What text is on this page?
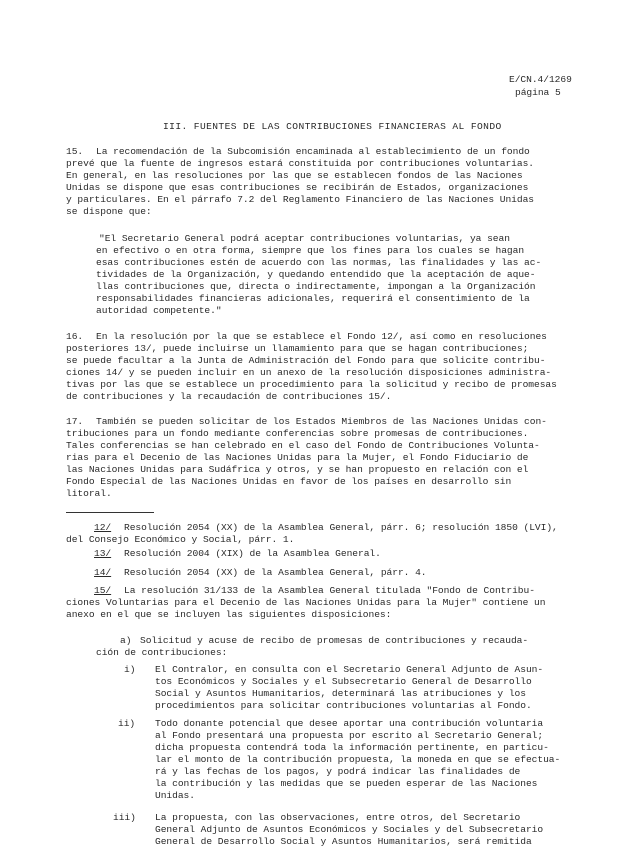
E/CN.4/1269
página 5
III. FUENTES DE LAS CONTRIBUCIONES FINANCIERAS AL FONDO
15. La recomendación de la Subcomisión encaminada al establecimiento de un fondo
prevé que la fuente de ingresos estará constituida por contribuciones voluntarias.
En general, en las resoluciones por las que se establecen fondos de las Naciones
Unidas se dispone que esas contribuciones se recibirán de Estados, organizaciones
y particulares. En el párrafo 7.2 del Reglamento Financiero de las Naciones Unidas
se dispone que:
"El Secretario General podrá aceptar contribuciones voluntarias, ya sean
en efectivo o en otra forma, siempre que los fines para los cuales se hagan
esas contribuciones estén de acuerdo con las normas, las finalidades y las ac-
tividades de la Organización, y quedando entendido que la aceptación de aque-
llas contribuciones que, directa o indirectamente, impongan a la Organización
responsabilidades financieras adicionales, requerirá el consentimiento de la
autoridad competente."
16. En la resolución por la que se establece el Fondo 12/, así como en resoluciones
posteriores 13/, puede incluirse un llamamiento para que se hagan contribuciones;
se puede facultar a la Junta de Administración del Fondo para que solicite contribu-
ciones 14/ y se pueden incluir en un anexo de la resolución disposiciones administra-
tivas por las que se establece un procedimiento para la solicitud y recibo de promesas
de contribuciones y la recaudación de contribuciones 15/.
17. También se pueden solicitar de los Estados Miembros de las Naciones Unidas con-
tribuciones para un fondo mediante conferencias sobre promesas de contribuciones.
Tales conferencias se han celebrado en el caso del Fondo de Contribuciones Volunta-
rias para el Decenio de las Naciones Unidas para la Mujer, el Fondo Fiduciario de
las Naciones Unidas para Sudáfrica y otros, y se han propuesto en relación con el
Fondo Especial de las Naciones Unidas en favor de los países en desarrollo sin
litoral.
12/ Resolución 2054 (XX) de la Asamblea General, párr. 6; resolución 1850 (LVI),
del Consejo Económico y Social, párr. 1.
13/ Resolución 2004 (XIX) de la Asamblea General.
14/ Resolución 2054 (XX) de la Asamblea General, párr. 4.
15/ La resolución 31/133 de la Asamblea General titulada "Fondo de Contribu-
ciones Voluntarias para el Decenio de las Naciones Unidas para la Mujer" contiene un
anexo en el que se incluyen las siguientes disposiciones:
a) Solicitud y acuse de recibo de promesas de contribuciones y recauda-
ción de contribuciones:
i) El Contralor, en consulta con el Secretario General Adjunto de Asun-
tos Económicos y Sociales y el Subsecretario General de Desarrollo
Social y Asuntos Humanitarios, determinará las atribuciones y los
procedimientos para solicitar contribuciones voluntarias al Fondo.
ii) Todo donante potencial que desee aportar una contribución voluntaria
al Fondo presentará una propuesta por escrito al Secretario General;
dicha propuesta contendrá toda la información pertinente, en particu-
lar el monto de la contribución propuesta, la moneda en que se efectua-
rá y las fechas de los pagos, y podrá indicar las finalidades de
la contribución y las medidas que se pueden esperar de las Naciones
Unidas.
iii) La propuesta, con las observaciones, entre otros, del Secretario
General Adjunto de Asuntos Económicos y Sociales y del Subsecretario
General de Desarrollo Social y Asuntos Humanitarios, será remitida
